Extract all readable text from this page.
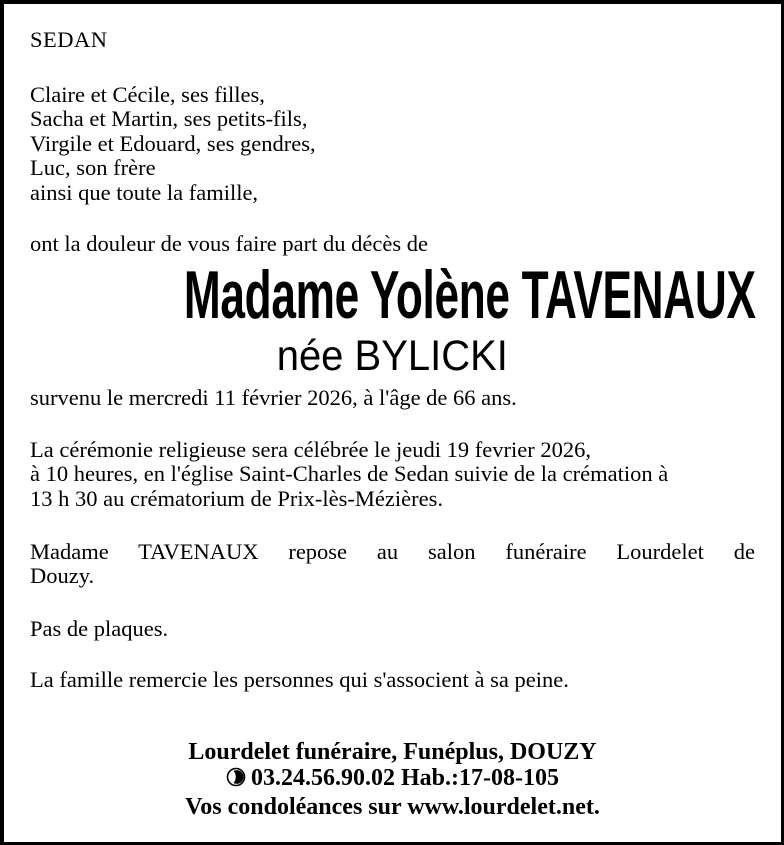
SEDAN
Claire et Cécile, ses filles,
Sacha et Martin, ses petits-fils,
Virgile et Edouard, ses gendres,
Luc, son frère
ainsi que toute la famille,
ont la douleur de vous faire part du décès de
Madame Yolène TAVENAUX
née BYLICKI
survenu le mercredi 11 février 2026, à l'âge de 66 ans.
La cérémonie religieuse sera célébrée le jeudi 19 fevrier 2026,
à 10 heures, en l'église Saint-Charles de Sedan suivie de la crémation à
13 h 30 au crématorium de Prix-lès-Mézières.
Madame TAVENAUX repose au salon funéraire Lourdelet de
Douzy.
Pas de plaques.
La famille remercie les personnes qui s'associent à sa peine.
Lourdelet funéraire, Funéplus, DOUZY
03.24.56.90.02 Hab.:17-08-105
Vos condoléances sur www.lourdelet.net.
